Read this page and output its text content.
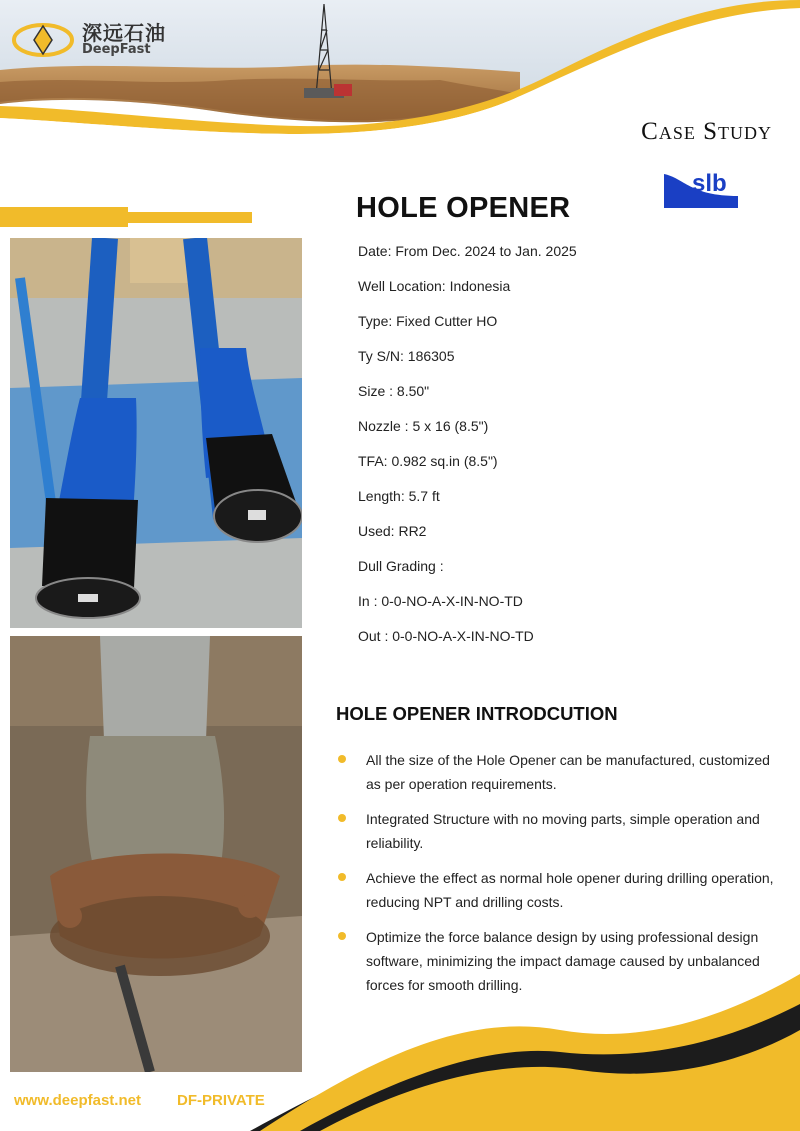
深远石油
DeepFast
Case Study
slb
HOLE OPENER
Date: From Dec. 2024 to Jan. 2025
Well Location: Indonesia
Type: Fixed Cutter HO
Ty S/N: 186305
Size : 8.50"
Nozzle : 5 x 16 (8.5")
TFA: 0.982 sq.in (8.5")
Length: 5.7 ft
Used: RR2
Dull Grading :
In : 0-0-NO-A-X-IN-NO-TD
Out : 0-0-NO-A-X-IN-NO-TD
HOLE OPENER INTRODCUTION
All the size of the Hole Opener can be manufactured, customized as per operation requirements.
Integrated Structure with no moving parts, simple operation and reliability.
Achieve the effect as normal hole opener during drilling operation, reducing NPT and drilling costs.
Optimize the force balance design by using professional design software, minimizing the impact damage caused by unbalanced forces for smooth drilling.
www.deepfast.net DF-PRIVATE
